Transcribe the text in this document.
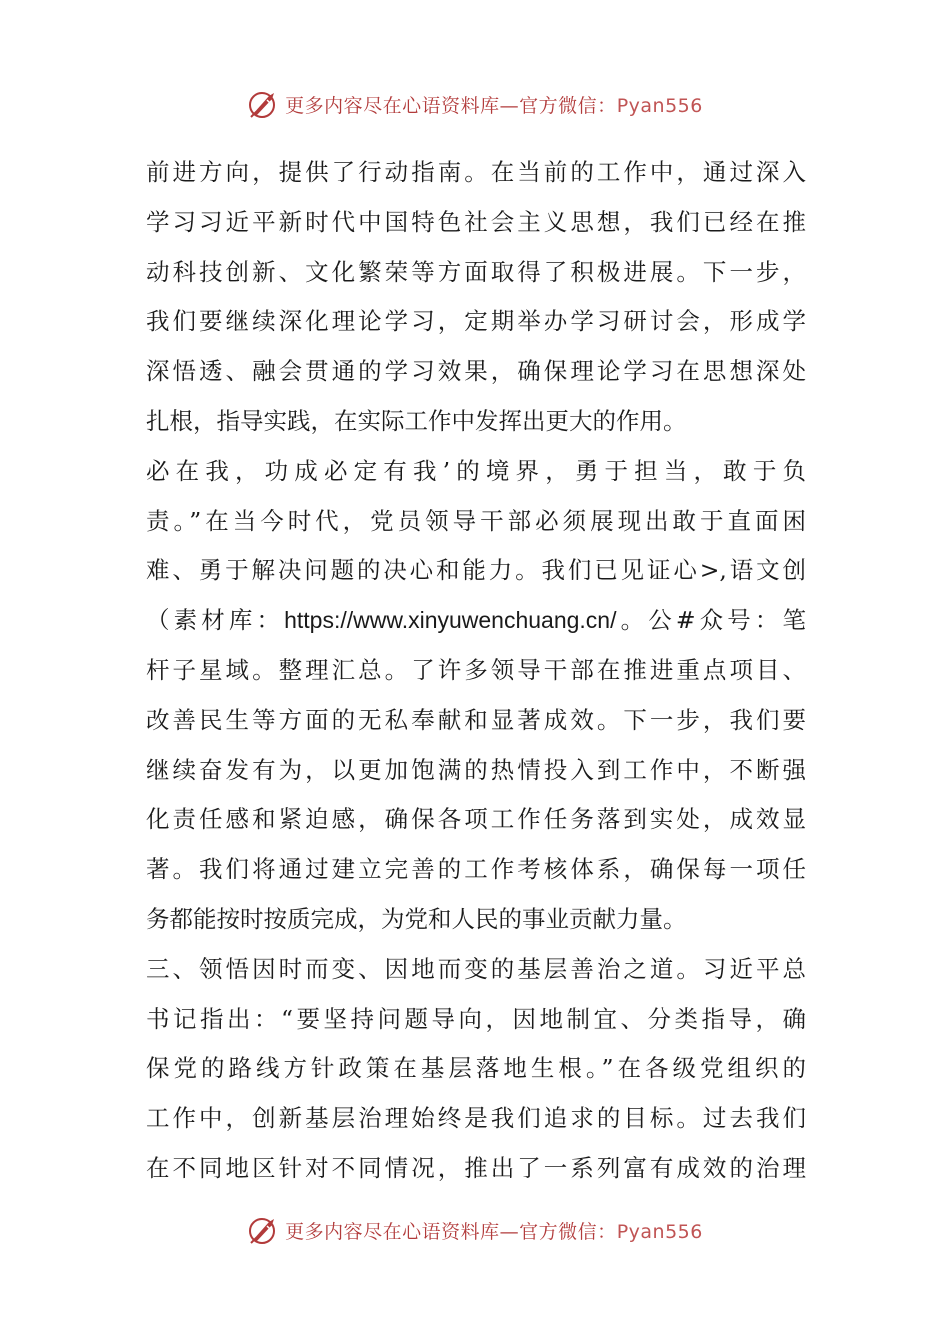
更多内容尽在心语资料库—官方微信：Pyan556
前进方向，提供了行动指南。在当前的工作中，通过深入
学习习近平新时代中国特色社会主义思想，我们已经在推
动科技创新、文化繁荣等方面取得了积极进展。下一步，
我们要继续深化理论学习，定期举办学习研讨会，形成学
深悟透、融会贯通的学习效果，确保理论学习在思想深处
扎根，指导实践，在实际工作中发挥出更大的作用。
必在我，功成必定有我’的境界，勇于担当，敢于负
责。”在当今时代，党员领导干部必须展现出敢于直面困
难、勇于解决问题的决心和能力。我们已见证心>,语文创
（素材库：https://www.xinyuwenchuang.cn/。公#众号：笔
杆子星域。整理汇总。了许多领导干部在推进重点项目、
改善民生等方面的无私奉献和显著成效。下一步，我们要
继续奋发有为，以更加饱满的热情投入到工作中，不断强
化责任感和紧迫感，确保各项工作任务落到实处，成效显
著。我们将通过建立完善的工作考核体系，确保每一项任
务都能按时按质完成，为党和人民的事业贡献力量。
三、领悟因时而变、因地而变的基层善治之道。习近平总
书记指出：“要坚持问题导向，因地制宜、分类指导，确
保党的路线方针政策在基层落地生根。”在各级党组织的
工作中，创新基层治理始终是我们追求的目标。过去我们
在不同地区针对不同情况，推出了一系列富有成效的治理
更多内容尽在心语资料库—官方微信：Pyan556
